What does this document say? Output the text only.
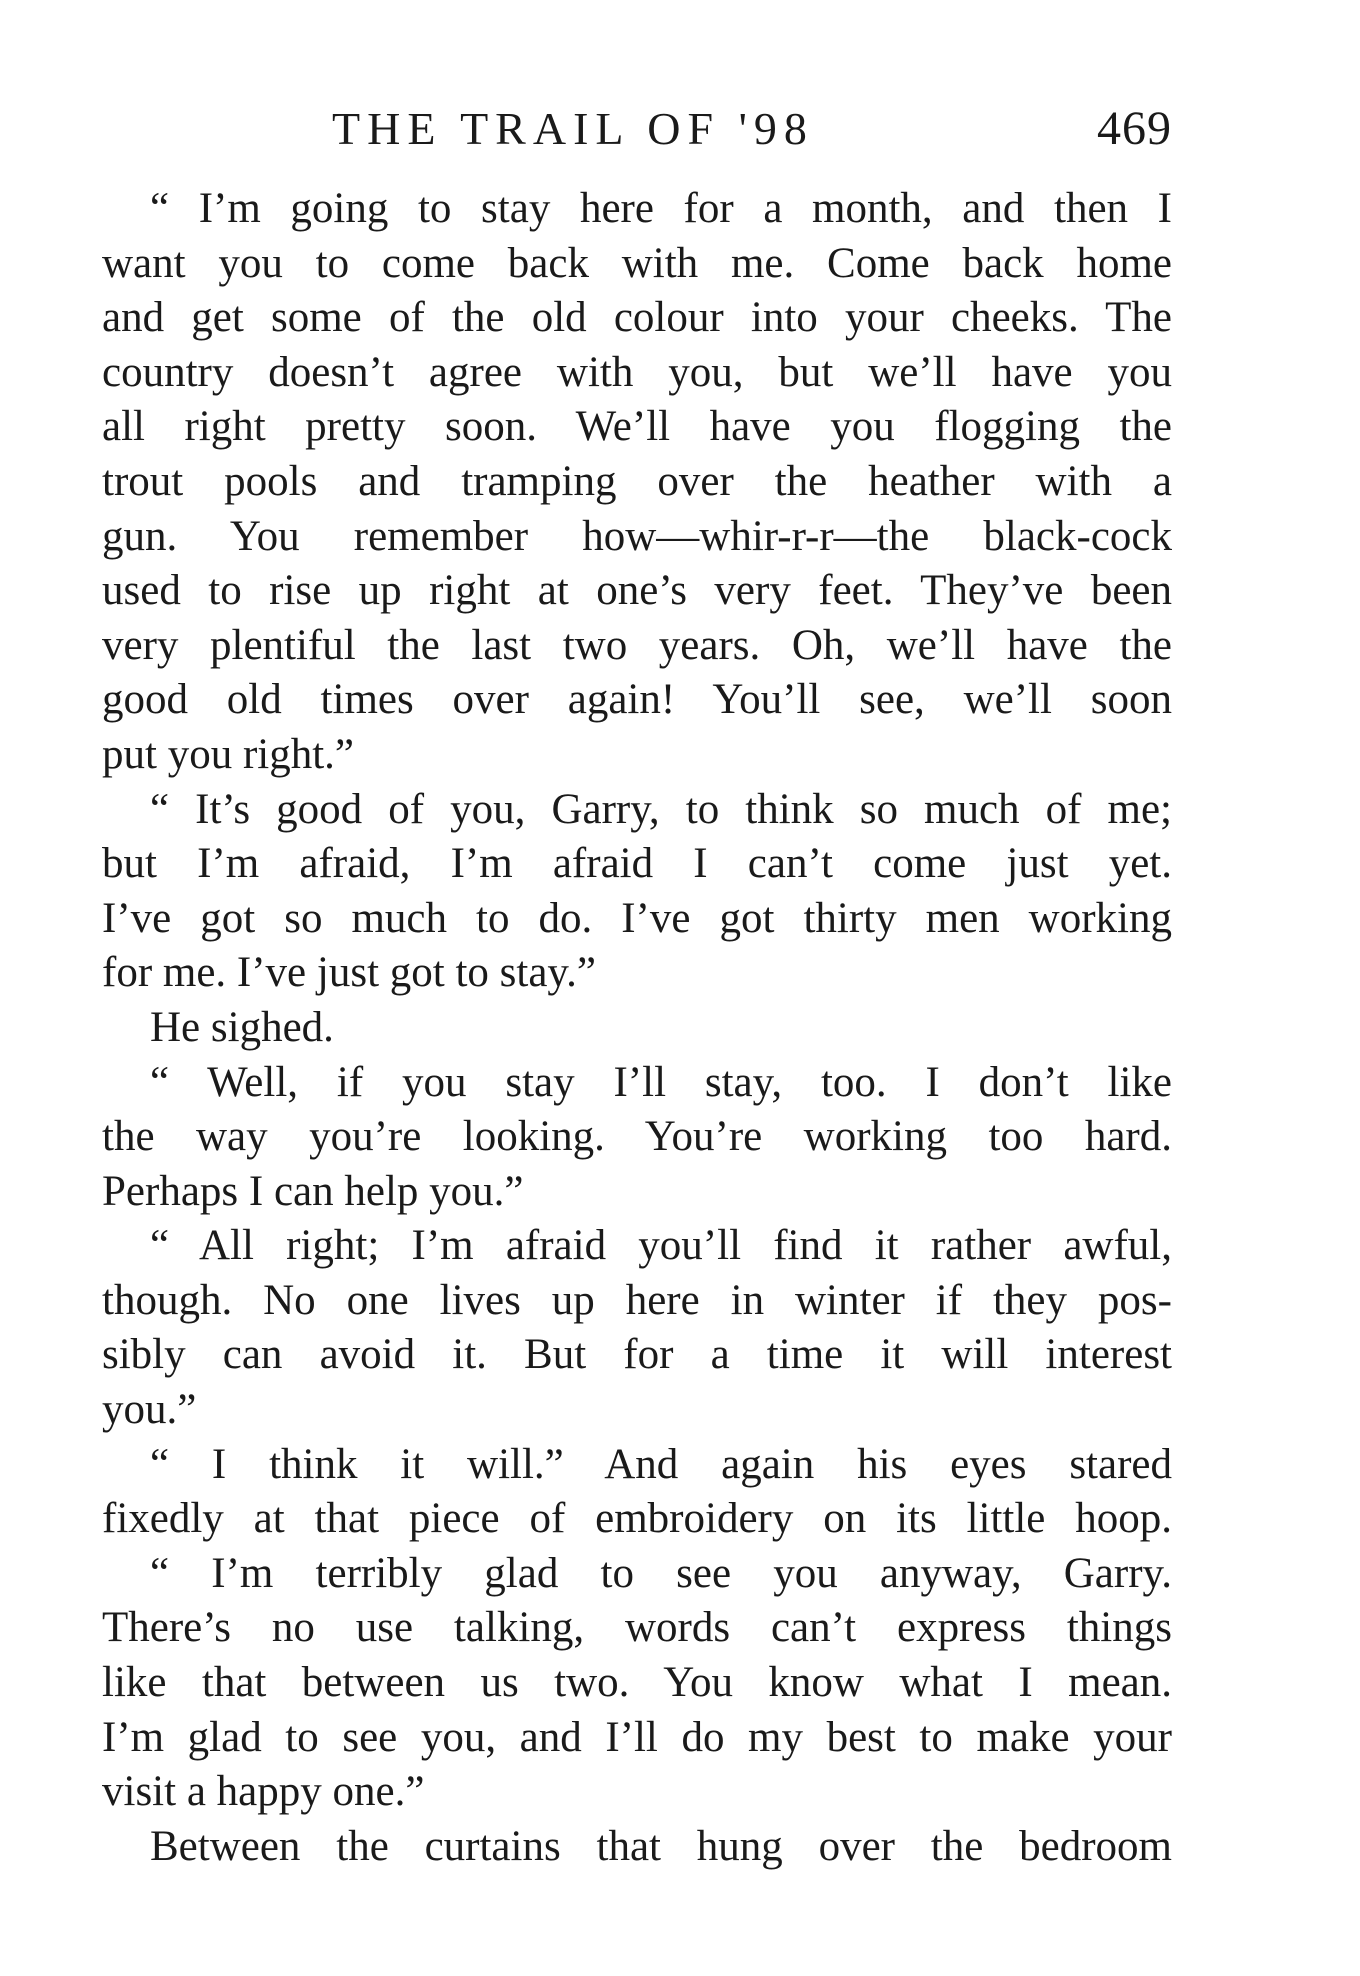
THE TRAIL OF '98	469
“ I’m going to stay here for a month, and then I
want you to come back with me. Come back home
and get some of the old colour into your cheeks. The
country doesn’t agree with you, but we’ll have you
all right pretty soon. We’ll have you flogging the
trout pools and tramping over the heather with a
gun. You remember how—whir-r-r—the black-cock
used to rise up right at one’s very feet. They’ve been
very plentiful the last two years. Oh, we’ll have the
good old times over again! You’ll see, we’ll soon
put you right.”
“ It’s good of you, Garry, to think so much of me;
but I’m afraid, I’m afraid I can’t come just yet.
I’ve got so much to do. I’ve got thirty men working
for me. I’ve just got to stay.”
He sighed.
“ Well, if you stay I’ll stay, too. I don’t like
the way you’re looking. You’re working too hard.
Perhaps I can help you.”
“ All right; I’m afraid you’ll find it rather awful,
though. No one lives up here in winter if they pos-
sibly can avoid it. But for a time it will interest
you.”
“ I think it will.” And again his eyes stared
fixedly at that piece of embroidery on its little hoop.
“ I’m terribly glad to see you anyway, Garry.
There’s no use talking, words can’t express things
like that between us two. You know what I mean.
I’m glad to see you, and I’ll do my best to make your
visit a happy one.”
Between the curtains that hung over the bedroom
